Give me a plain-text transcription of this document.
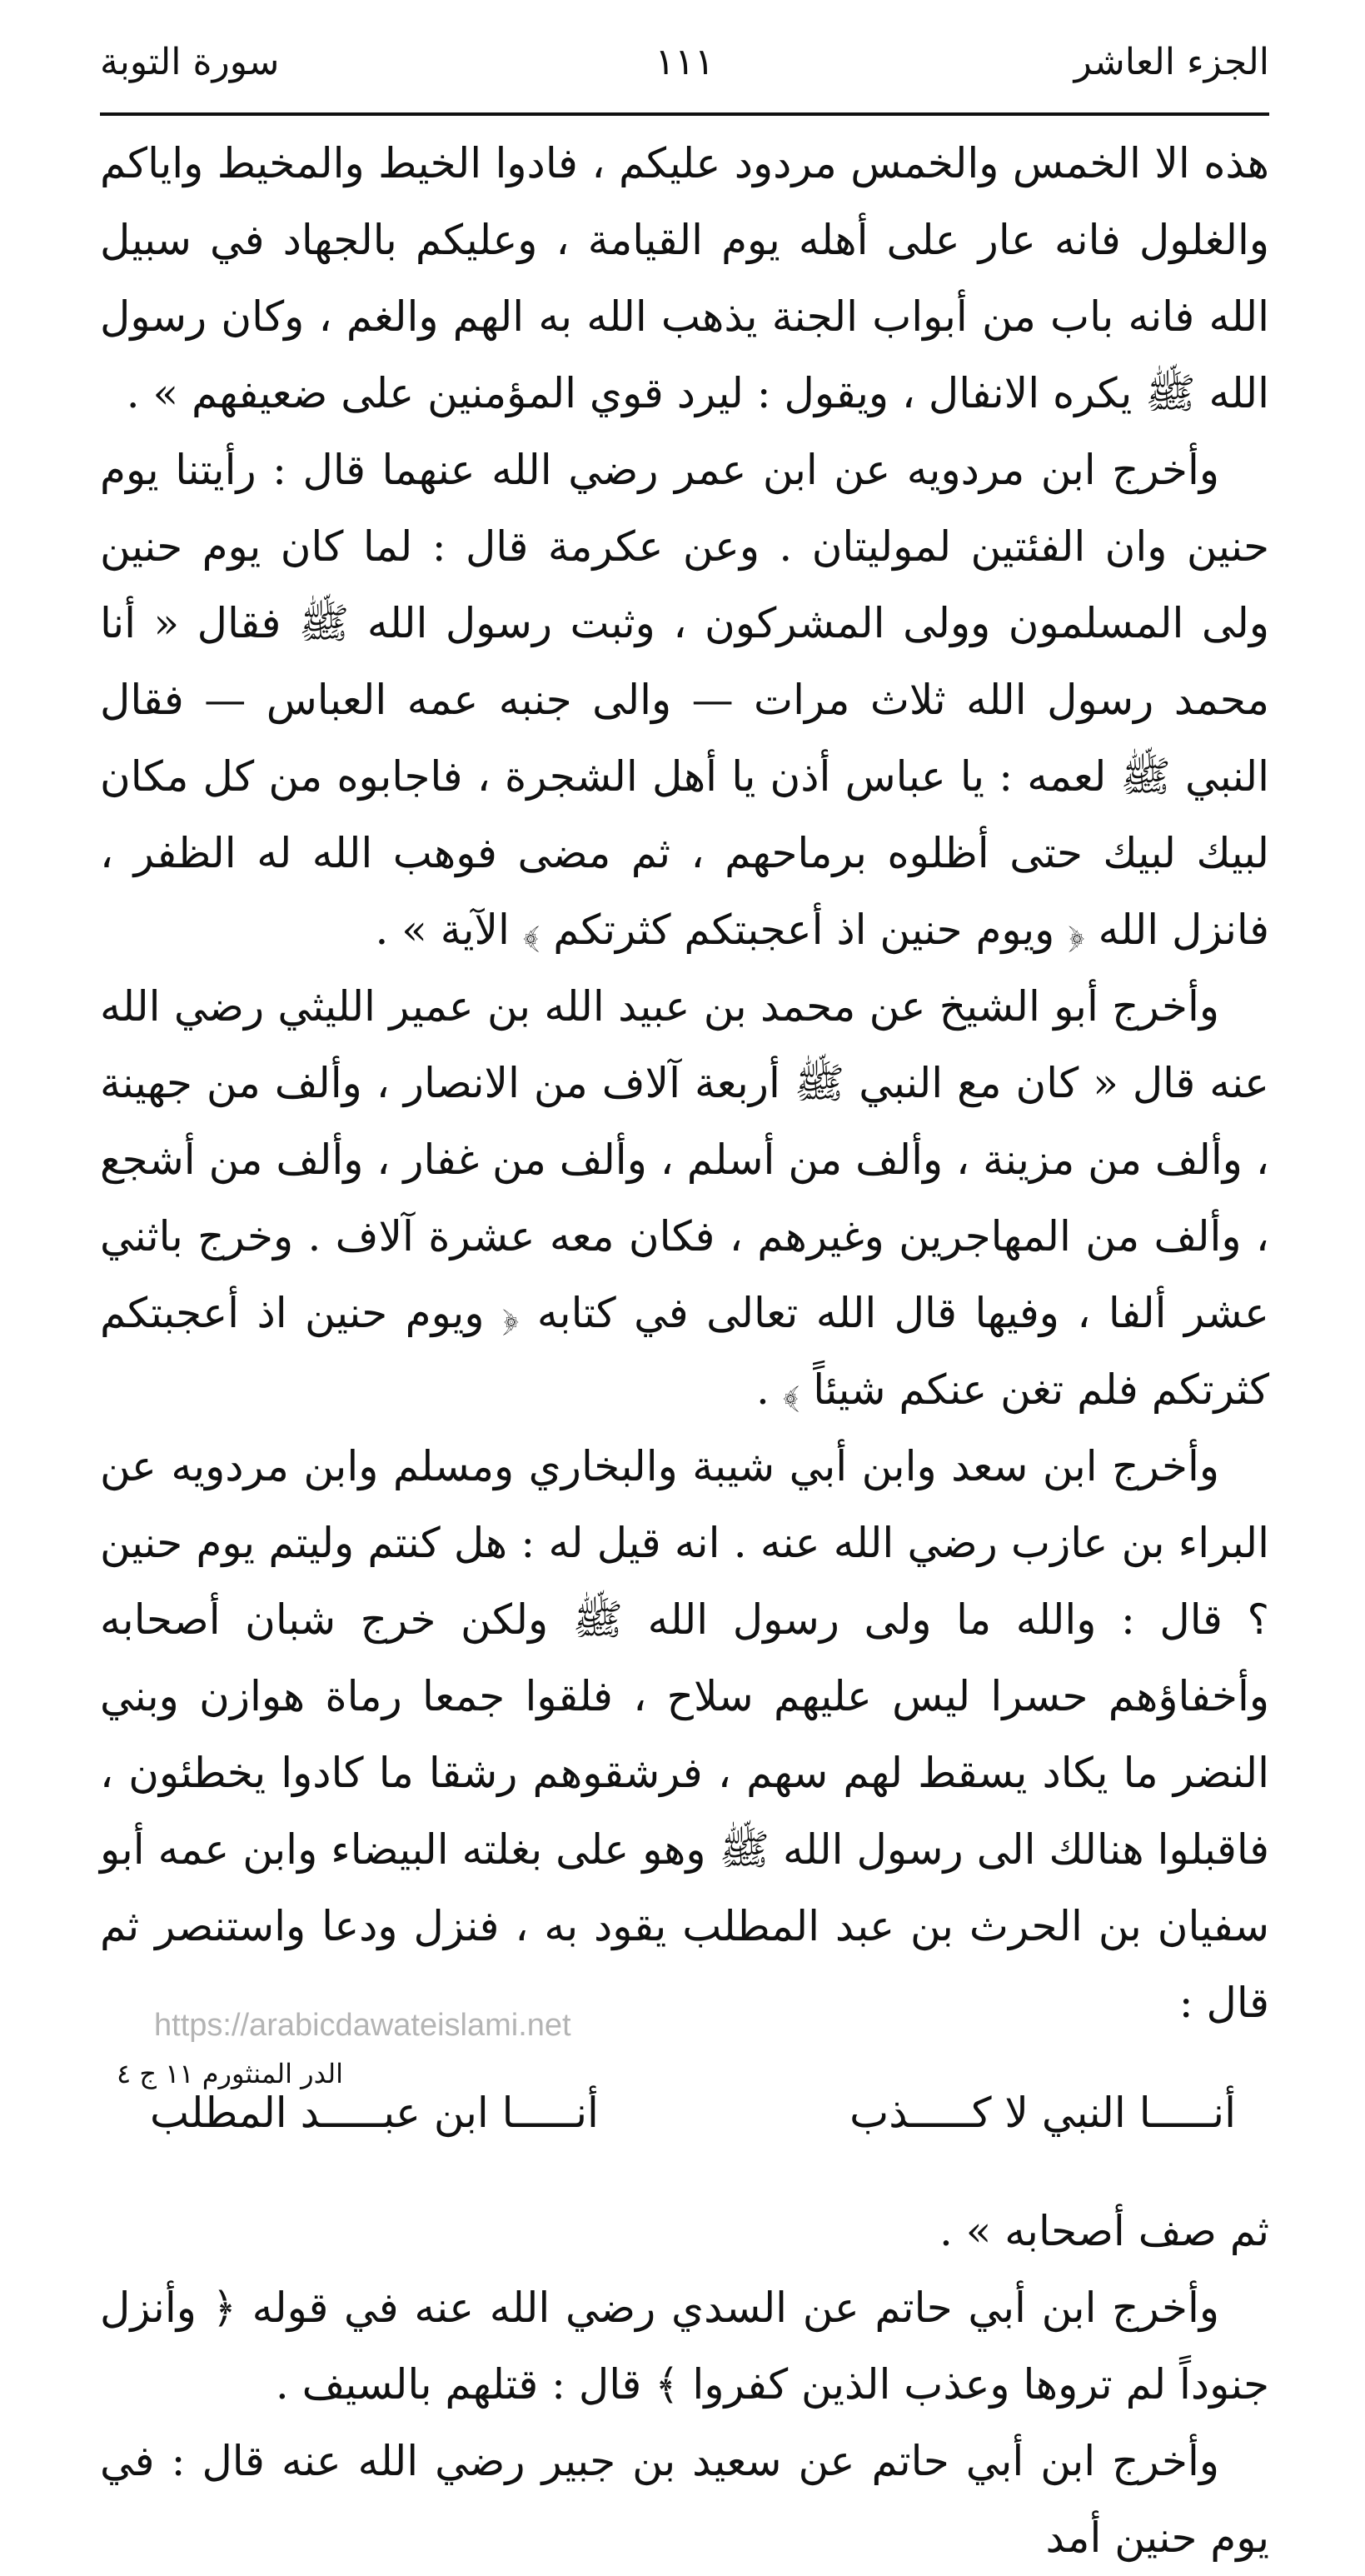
الجزء العاشر
١١١
سورة التوبة

هذه الا الخمس والخمس مردود عليكم ، فادوا الخيط والمخيط واياكم والغلول فانه عار على أهله يوم القيامة ، وعليكم بالجهاد في سبيل الله فانه باب من أبواب الجنة يذهب الله به الهم والغم ، وكان رسول الله ﷺ يكره الانفال ، ويقول : ليرد قوي المؤمنين على ضعيفهم » .

وأخرج ابن مردويه عن ابن عمر رضي الله عنهما قال : رأيتنا يوم حنين وان الفئتين لموليتان . وعن عكرمة قال : لما كان يوم حنين ولى المسلمون وولى المشركون ، وثبت رسول الله ﷺ فقال « أنا محمد رسول الله ثلاث مرات — والى جنبه عمه العباس — فقال النبي ﷺ لعمه : يا عباس أذن يا أهل الشجرة ، فاجابوه من كل مكان لبيك لبيك حتى أظلوه برماحهم ، ثم مضى فوهب الله له الظفر ، فانزل الله ﴿ ويوم حنين اذ أعجبتكم كثرتكم ﴾ الآية » .

وأخرج أبو الشيخ عن محمد بن عبيد الله بن عمير الليثي رضي الله عنه قال « كان مع النبي ﷺ أربعة آلاف من الانصار ، وألف من جهينة ، وألف من مزينة ، وألف من أسلم ، وألف من غفار ، وألف من أشجع ، وألف من المهاجرين وغيرهم ، فكان معه عشرة آلاف . وخرج باثني عشر ألفا ، وفيها قال الله تعالى في كتابه ﴿ ويوم حنين اذ أعجبتكم كثرتكم فلم تغن عنكم شيئاً ﴾ .

وأخرج ابن سعد وابن أبي شيبة والبخاري ومسلم وابن مردويه عن البراء بن عازب رضي الله عنه . انه قيل له : هل كنتم وليتم يوم حنين ؟ قال : والله ما ولى رسول الله ﷺ ولكن خرج شبان أصحابه وأخفاؤهم حسرا ليس عليهم سلاح ، فلقوا جمعا رماة هوازن وبني النضر ما يكاد يسقط لهم سهم ، فرشقوهم رشقا ما كادوا يخطئون ، فاقبلوا هنالك الى رسول الله ﷺ وهو على بغلته البيضاء وابن عمه أبو سفيان بن الحرث بن عبد المطلب يقود به ، فنزل ودعا واستنصر ثم قال :

أنـــــا النبي لا كـــــذب
أنـــــا ابن عبـــــد المطلب

ثم صف أصحابه » .

وأخرج ابن أبي حاتم عن السدي رضي الله عنه في قوله ﴿ وأنزل جنوداً لم تروها وعذب الذين كفروا ﴾ قال : قتلهم بالسيف .

وأخرج ابن أبي حاتم عن سعيد بن جبير رضي الله عنه قال : في يوم حنين أمد

https://arabicdawateislami.net
الدر المنثورم ١١ ج ٤
